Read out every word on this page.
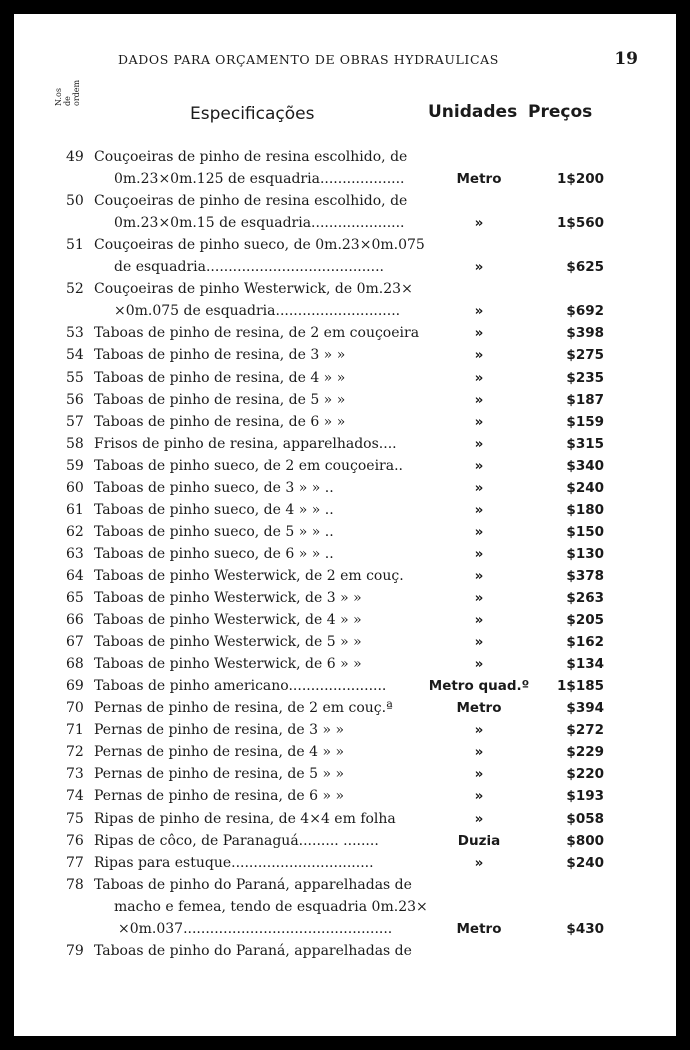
DADOS PARA ORÇAMENTO DE OBRAS HYDRAULICAS	19
N.os de ordem
Especificações	Unidades Preços
49 Couçoeiras de pinho de resina escolhido, de
0m.23×0m.125 de esquadria...................	Metro	1$200
50 Couçoeiras de pinho de resina escolhido, de
0m.23×0m.15 de esquadria.....................	»	1$560
51 Couçoeiras de pinho sueco, de 0m.23×0m.075
de esquadria........................................	»	$625
52 Couçoeiras de pinho Westerwick, de 0m.23×
×0m.075 de esquadria............................	»	$692
53 Taboas de pinho de resina, de 2 em couçoeira	»	$398
54 Taboas de pinho de resina, de 3 » »	»	$275
55 Taboas de pinho de resina, de 4 » »	»	$235
56 Taboas de pinho de resina, de 5 » »	»	$187
57 Taboas de pinho de resina, de 6 » »	»	$159
58 Frisos de pinho de resina, apparelhados....	»	$315
59 Taboas de pinho sueco, de 2 em couçoeira..	»	$340
60 Taboas de pinho sueco, de 3 » » ..	»	$240
61 Taboas de pinho sueco, de 4 » » ..	»	$180
62 Taboas de pinho sueco, de 5 » » ..	»	$150
63 Taboas de pinho sueco, de 6 » » ..	»	$130
64 Taboas de pinho Westerwick, de 2 em couç.	»	$378
65 Taboas de pinho Westerwick, de 3 » »	»	$263
66 Taboas de pinho Westerwick, de 4 » »	»	$205
67 Taboas de pinho Westerwick, de 5 » »	»	$162
68 Taboas de pinho Westerwick, de 6 » »	»	$134
69 Taboas de pinho americano......................	Metro quad.º	1$185
70 Pernas de pinho de resina, de 2 em couç.ª	Metro	$394
71 Pernas de pinho de resina, de 3 » »	»	$272
72 Pernas de pinho de resina, de 4 » »	»	$229
73 Pernas de pinho de resina, de 5 » »	»	$220
74 Pernas de pinho de resina, de 6 » »	»	$193
75 Ripas de pinho de resina, de 4×4 em folha	»	$058
76 Ripas de côco, de Paranaguá......... ........	Duzia	$800
77 Ripas para estuque................................	»	$240
78 Taboas de pinho do Paraná, apparelhadas de
macho e femea, tendo de esquadria 0m.23×
×0m.037...............................................	Metro	$430
79 Taboas de pinho do Paraná, apparelhadas de
